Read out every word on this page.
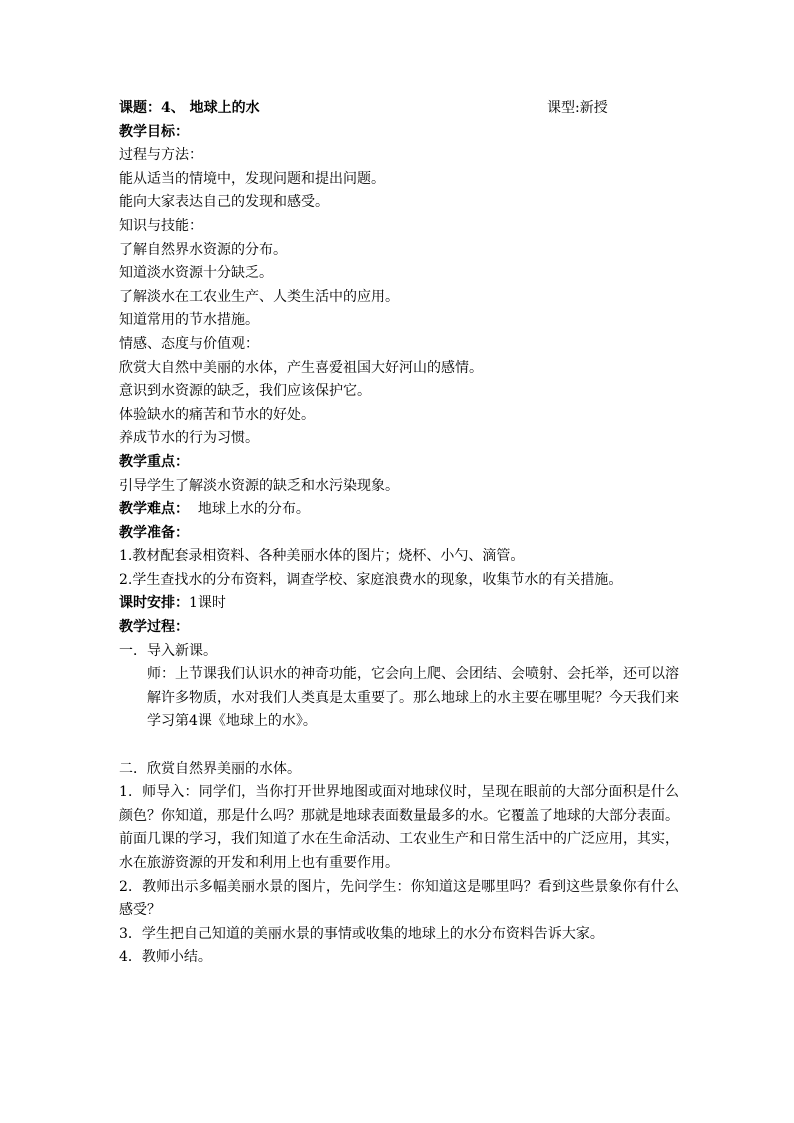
课题：4、 地球上的水	课型:新授
教学目标：
过程与方法：
能从适当的情境中，发现问题和提出问题。
能向大家表达自己的发现和感受。
知识与技能：
了解自然界水资源的分布。
知道淡水资源十分缺乏。
了解淡水在工农业生产、人类生活中的应用。
知道常用的节水措施。
情感、态度与价值观：
欣赏大自然中美丽的水体，产生喜爱祖国大好河山的感情。
意识到水资源的缺乏，我们应该保护它。
体验缺水的痛苦和节水的好处。
养成节水的行为习惯。
教学重点：
引导学生了解淡水资源的缺乏和水污染现象。
教学难点：  地球上水的分布。
教学准备：
1.教材配套录相资料、各种美丽水体的图片；烧杯、小勺、滴管。
2.学生查找水的分布资料，调查学校、家庭浪费水的现象，收集节水的有关措施。
课时安排：1课时
教学过程：
一．导入新课。
师：上节课我们认识水的神奇功能，它会向上爬、会团结、会喷射、会托举，还可以溶解许多物质，水对我们人类真是太重要了。那么地球上的水主要在哪里呢？今天我们来学习第4课《地球上的水》。
二．欣赏自然界美丽的水体。
1．师导入：同学们，当你打开世界地图或面对地球仪时，呈现在眼前的大部分面积是什么颜色？你知道，那是什么吗？那就是地球表面数量最多的水。它覆盖了地球的大部分表面。前面几课的学习，我们知道了水在生命活动、工农业生产和日常生活中的广泛应用，其实，水在旅游资源的开发和利用上也有重要作用。
2．教师出示多幅美丽水景的图片，先问学生：你知道这是哪里吗？看到这些景象你有什么感受？
3．学生把自己知道的美丽水景的事情或收集的地球上的水分布资料告诉大家。
4．教师小结。
